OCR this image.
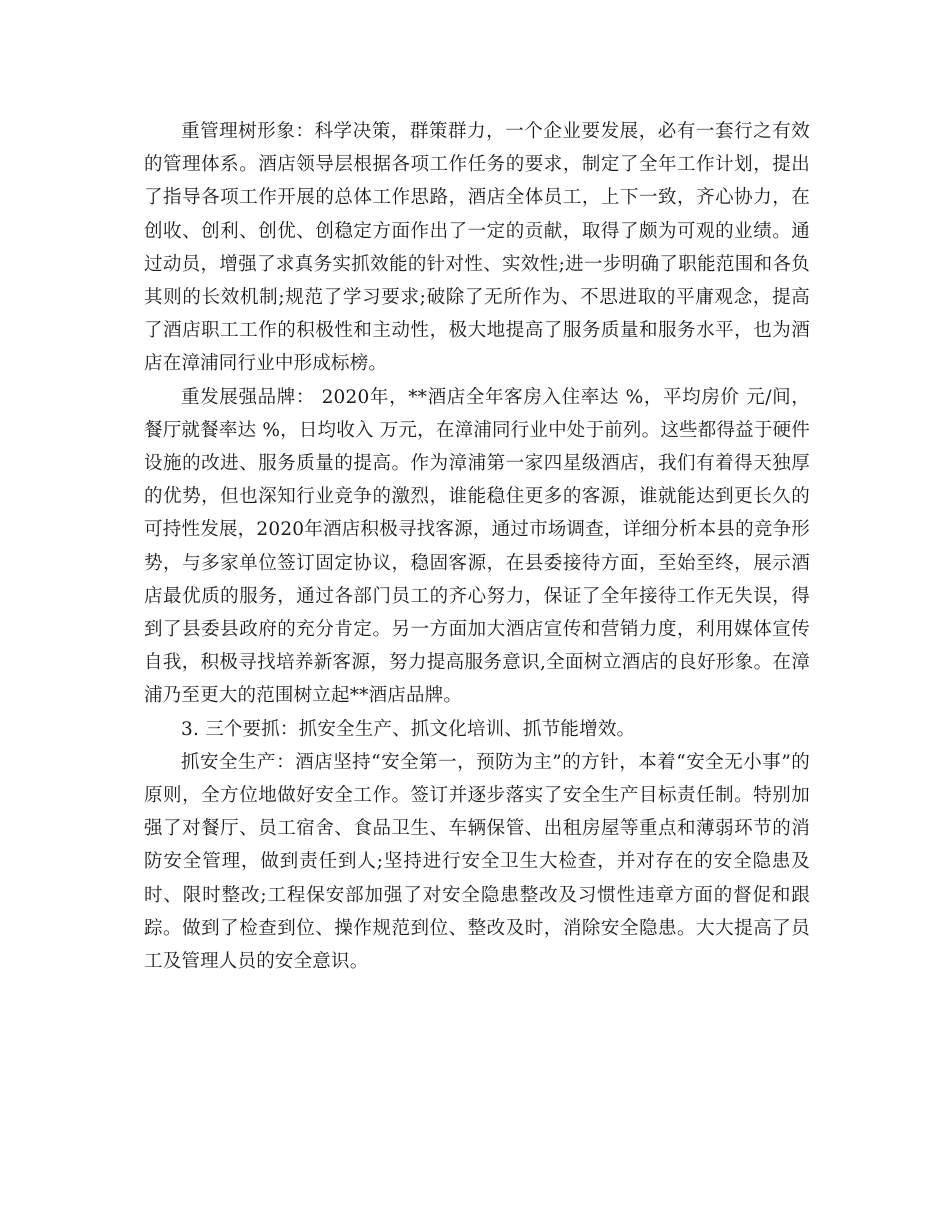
重管理树形象：科学决策，群策群力，一个企业要发展，必有一套行之有效的管理体系。酒店领导层根据各项工作任务的要求，制定了全年工作计划，提出了指导各项工作开展的总体工作思路，酒店全体员工，上下一致，齐心协力，在创收、创利、创优、创稳定方面作出了一定的贡献，取得了颇为可观的业绩。通过动员，增强了求真务实抓效能的针对性、实效性;进一步明确了职能范围和各负其则的长效机制;规范了学习要求;破除了无所作为、不思进取的平庸观念，提高了酒店职工工作的积极性和主动性，极大地提高了服务质量和服务水平，也为酒店在漳浦同行业中形成标榜。

重发展强品牌： 2020年，**酒店全年客房入住率达 %，平均房价 元/间，餐厅就餐率达 %，日均收入 万元，在漳浦同行业中处于前列。这些都得益于硬件设施的改进、服务质量的提高。作为漳浦第一家四星级酒店，我们有着得天独厚的优势，但也深知行业竞争的激烈，谁能稳住更多的客源，谁就能达到更长久的可持性发展，2020年酒店积极寻找客源，通过市场调查，详细分析本县的竞争形势，与多家单位签订固定协议，稳固客源，在县委接待方面，至始至终，展示酒店最优质的服务，通过各部门员工的齐心努力，保证了全年接待工作无失误，得到了县委县政府的充分肯定。另一方面加大酒店宣传和营销力度，利用媒体宣传自我，积极寻找培养新客源，努力提高服务意识,全面树立酒店的良好形象。在漳浦乃至更大的范围树立起**酒店品牌。

3. 三个要抓：抓安全生产、抓文化培训、抓节能增效。

抓安全生产：酒店坚持“安全第一，预防为主”的方针，本着“安全无小事”的原则，全方位地做好安全工作。签订并逐步落实了安全生产目标责任制。特别加强了对餐厅、员工宿舍、食品卫生、车辆保管、出租房屋等重点和薄弱环节的消防安全管理，做到责任到人;坚持进行安全卫生大检查，并对存在的安全隐患及时、限时整改;工程保安部加强了对安全隐患整改及习惯性违章方面的督促和跟踪。做到了检查到位、操作规范到位、整改及时，消除安全隐患。大大提高了员工及管理人员的安全意识。
